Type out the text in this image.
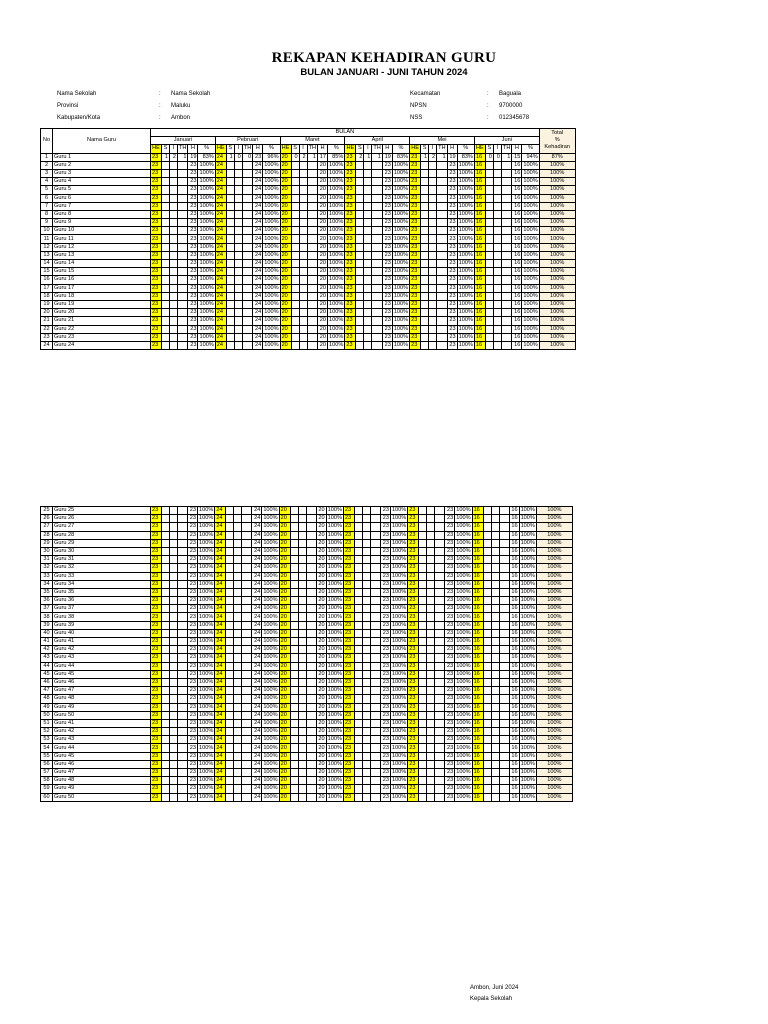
REKAPAN KEHADIRAN GURU
BULAN JANUARI - JUNI TAHUN 2024
Nama Sekolah	:	Nama Sekolah
Provinsi	:	Maluku
Kabupaten/Kota	:	Ambon
Kecamatan	:	Baguala
NPSN	:	9700000
NSS	:	012345678
No	Nama Guru	BULAN																																				Total
%
Kehadiran

		Januari						Pebruari						Maret						April						Mei						Juni						
		HE	S	I	TH	H	%	HE	S	I	TH	H	%	HE	S	I	TH	H	%	HE	S	I	TH	H	%	HE	S	I	TH	H	%	HE	S	I	TH	H	%	

1	Guru 1	23	1	2	1	19	83%	24	1	0	0	23	96%	20	0	2	1	17	85%	23	2	1	1	19	83%	23	1	2	1	19	83%	16	0	0	1	15	94%	87%
2	Guru 2	23				23	100%	24				24	100%	20				20	100%	23				23	100%	23				23	100%	16				16	100%	100%
3	Guru 3	23				23	100%	24				24	100%	20				20	100%	23				23	100%	23				23	100%	16				16	100%	100%
4	Guru 4	23				23	100%	24				24	100%	20				20	100%	23				23	100%	23				23	100%	16				16	100%	100%
5	Guru 5	23				23	100%	24				24	100%	20				20	100%	23				23	100%	23				23	100%	16				16	100%	100%
6	Guru 6	23				23	100%	24				24	100%	20				20	100%	23				23	100%	23				23	100%	16				16	100%	100%
7	Guru 7	23				23	100%	24				24	100%	20				20	100%	23				23	100%	23				23	100%	16				16	100%	100%
8	Guru 8	23				23	100%	24				24	100%	20				20	100%	23				23	100%	23				23	100%	16				16	100%	100%
9	Guru 9	23				23	100%	24				24	100%	20				20	100%	23				23	100%	23				23	100%	16				16	100%	100%
10	Guru 10	23				23	100%	24				24	100%	20				20	100%	23				23	100%	23				23	100%	16				16	100%	100%
11	Guru 11	23				23	100%	24				24	100%	20				20	100%	23				23	100%	23				23	100%	16				16	100%	100%
12	Guru 12	23				23	100%	24				24	100%	20				20	100%	23				23	100%	23				23	100%	16				16	100%	100%
13	Guru 13	23				23	100%	24				24	100%	20				20	100%	23				23	100%	23				23	100%	16				16	100%	100%
14	Guru 14	23				23	100%	24				24	100%	20				20	100%	23				23	100%	23				23	100%	16				16	100%	100%
15	Guru 15	23				23	100%	24				24	100%	20				20	100%	23				23	100%	23				23	100%	16				16	100%	100%
16	Guru 16	23				23	100%	24				24	100%	20				20	100%	23				23	100%	23				23	100%	16				16	100%	100%
17	Guru 17	23				23	100%	24				24	100%	20				20	100%	23				23	100%	23				23	100%	16				16	100%	100%
18	Guru 18	23				23	100%	24				24	100%	20				20	100%	23				23	100%	23				23	100%	16				16	100%	100%
19	Guru 19	23				23	100%	24				24	100%	20				20	100%	23				23	100%	23				23	100%	16				16	100%	100%
20	Guru 20	23				23	100%	24				24	100%	20				20	100%	23				23	100%	23				23	100%	16				16	100%	100%
21	Guru 21	23				23	100%	24				24	100%	20				20	100%	23				23	100%	23				23	100%	16				16	100%	100%
22	Guru 22	23				23	100%	24				24	100%	20				20	100%	23				23	100%	23				23	100%	16				16	100%	100%
23	Guru 23	23				23	100%	24				24	100%	20				20	100%	23				23	100%	23				23	100%	16				16	100%	100%
24	Guru 24	23				23	100%	24				24	100%	20				20	100%	23				23	100%	23				23	100%	16				16	100%	100%
25	Guru 25	23				23	100%	24				24	100%	20				20	100%	23				23	100%	23				23	100%	16				16	100%	100%
26	Guru 26	23				23	100%	24				24	100%	20				20	100%	23				23	100%	23				23	100%	16				16	100%	100%
27	Guru 27	23				23	100%	24				24	100%	20				20	100%	23				23	100%	23				23	100%	16				16	100%	100%
28	Guru 28	23				23	100%	24				24	100%	20				20	100%	23				23	100%	23				23	100%	16				16	100%	100%
29	Guru 29	23				23	100%	24				24	100%	20				20	100%	23				23	100%	23				23	100%	16				16	100%	100%
30	Guru 30	23				23	100%	24				24	100%	20				20	100%	23				23	100%	23				23	100%	16				16	100%	100%
31	Guru 31	23				23	100%	24				24	100%	20				20	100%	23				23	100%	23				23	100%	16				16	100%	100%
32	Guru 32	23				23	100%	24				24	100%	20				20	100%	23				23	100%	23				23	100%	16				16	100%	100%
33	Guru 33	23				23	100%	24				24	100%	20				20	100%	23				23	100%	23				23	100%	16				16	100%	100%
34	Guru 34	23				23	100%	24				24	100%	20				20	100%	23				23	100%	23				23	100%	16				16	100%	100%
35	Guru 35	23				23	100%	24				24	100%	20				20	100%	23				23	100%	23				23	100%	16				16	100%	100%
36	Guru 36	23				23	100%	24				24	100%	20				20	100%	23				23	100%	23				23	100%	16				16	100%	100%
37	Guru 37	23				23	100%	24				24	100%	20				20	100%	23				23	100%	23				23	100%	16				16	100%	100%
38	Guru 38	23				23	100%	24				24	100%	20				20	100%	23				23	100%	23				23	100%	16				16	100%	100%
39	Guru 39	23				23	100%	24				24	100%	20				20	100%	23				23	100%	23				23	100%	16				16	100%	100%
40	Guru 40	23				23	100%	24				24	100%	20				20	100%	23				23	100%	23				23	100%	16				16	100%	100%
41	Guru 41	23				23	100%	24				24	100%	20				20	100%	23				23	100%	23				23	100%	16				16	100%	100%
42	Guru 42	23				23	100%	24				24	100%	20				20	100%	23				23	100%	23				23	100%	16				16	100%	100%
43	Guru 43	23				23	100%	24				24	100%	20				20	100%	23				23	100%	23				23	100%	16				16	100%	100%
44	Guru 44	23				23	100%	24				24	100%	20				20	100%	23				23	100%	23				23	100%	16				16	100%	100%
45	Guru 45	23				23	100%	24				24	100%	20				20	100%	23				23	100%	23				23	100%	16				16	100%	100%
46	Guru 46	23				23	100%	24				24	100%	20				20	100%	23				23	100%	23				23	100%	16				16	100%	100%
47	Guru 47	23				23	100%	24				24	100%	20				20	100%	23				23	100%	23				23	100%	16				16	100%	100%
48	Guru 48	23				23	100%	24				24	100%	20				20	100%	23				23	100%	23				23	100%	16				16	100%	100%
49	Guru 49	23				23	100%	24				24	100%	20				20	100%	23				23	100%	23				23	100%	16				16	100%	100%
50	Guru 50	23				23	100%	24				24	100%	20				20	100%	23				23	100%	23				23	100%	16				16	100%	100%
51	Guru 41	23				23	100%	24				24	100%	20				20	100%	23				23	100%	23				23	100%	16				16	100%	100%
52	Guru 42	23				23	100%	24				24	100%	20				20	100%	23				23	100%	23				23	100%	16				16	100%	100%
53	Guru 43	23				23	100%	24				24	100%	20				20	100%	23				23	100%	23				23	100%	16				16	100%	100%
54	Guru 44	23				23	100%	24				24	100%	20				20	100%	23				23	100%	23				23	100%	16				16	100%	100%
55	Guru 45	23				23	100%	24				24	100%	20				20	100%	23				23	100%	23				23	100%	16				16	100%	100%
56	Guru 46	23				23	100%	24				24	100%	20				20	100%	23				23	100%	23				23	100%	16				16	100%	100%
57	Guru 47	23				23	100%	24				24	100%	20				20	100%	23				23	100%	23				23	100%	16				16	100%	100%
58	Guru 48	23				23	100%	24				24	100%	20				20	100%	23				23	100%	23				23	100%	16				16	100%	100%
59	Guru 49	23				23	100%	24				24	100%	20				20	100%	23				23	100%	23				23	100%	16				16	100%	100%
60	Guru 50	23				23	100%	24				24	100%	20				20	100%	23				23	100%	23				23	100%	16				16	100%	100%
Ambon, Juni 2024
Kepala Sekolah
